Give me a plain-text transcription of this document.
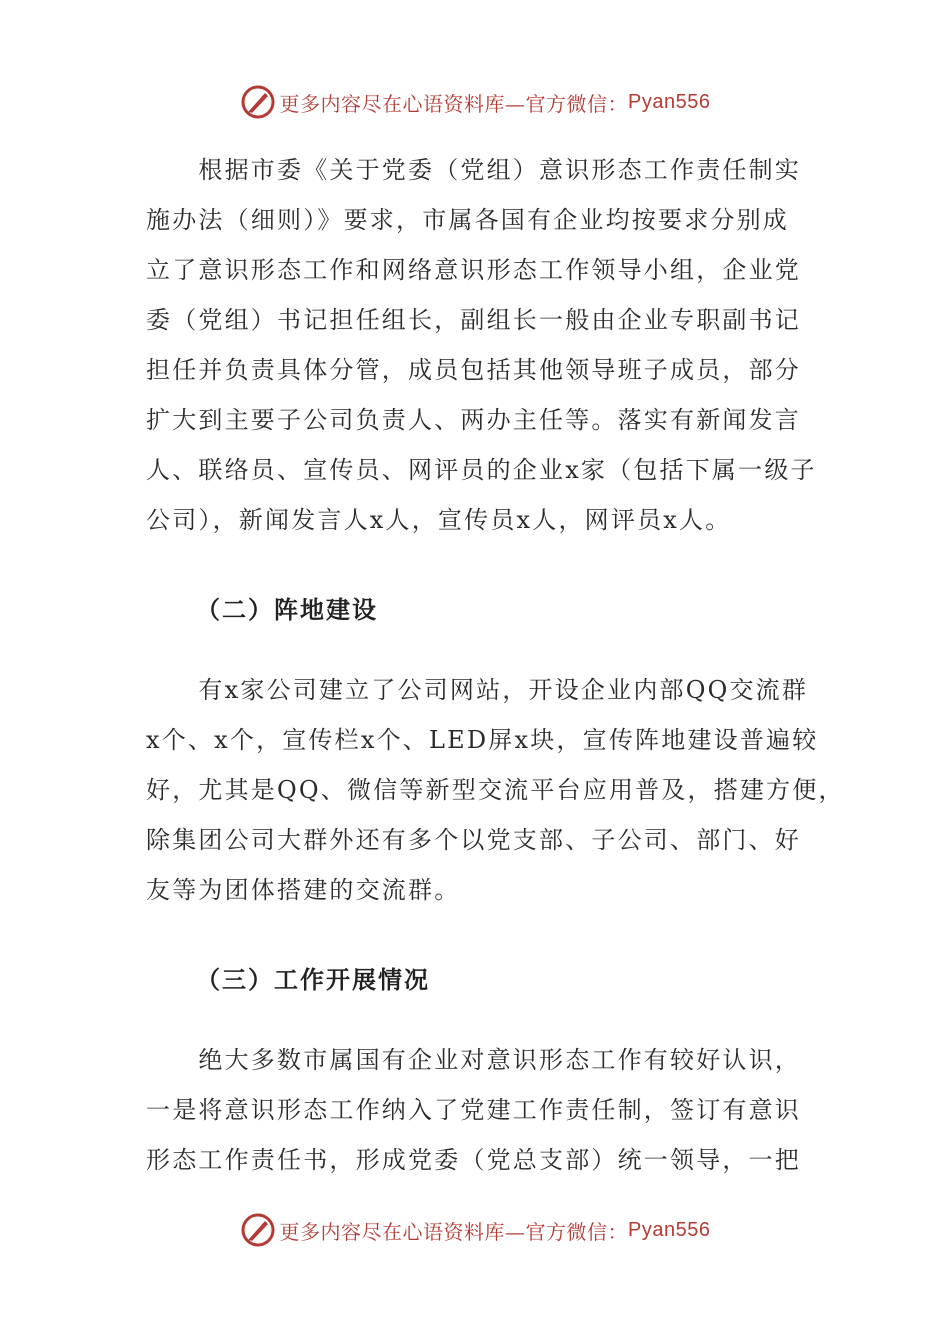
更多内容尽在心语资料库—官方微信： Pyan556

　　根据市委《关于党委（党组）意识形态工作责任制实
施办法（细则）》要求，市属各国有企业均按要求分别成
立了意识形态工作和网络意识形态工作领导小组，企业党
委（党组）书记担任组长，副组长一般由企业专职副书记
担任并负责具体分管，成员包括其他领导班子成员，部分
扩大到主要子公司负责人、两办主任等。落实有新闻发言
人、联络员、宣传员、网评员的企业x家（包括下属一级子
公司），新闻发言人x人，宣传员x人，网评员x人。

（二）阵地建设

　　有x家公司建立了公司网站，开设企业内部QQ交流群
x个、x个，宣传栏x个、LED屏x块，宣传阵地建设普遍较
好，尤其是QQ、微信等新型交流平台应用普及，搭建方便，
除集团公司大群外还有多个以党支部、子公司、部门、好
友等为团体搭建的交流群。

（三）工作开展情况

　　绝大多数市属国有企业对意识形态工作有较好认识，
一是将意识形态工作纳入了党建工作责任制，签订有意识
形态工作责任书，形成党委（党总支部）统一领导，一把

更多内容尽在心语资料库—官方微信： Pyan556
